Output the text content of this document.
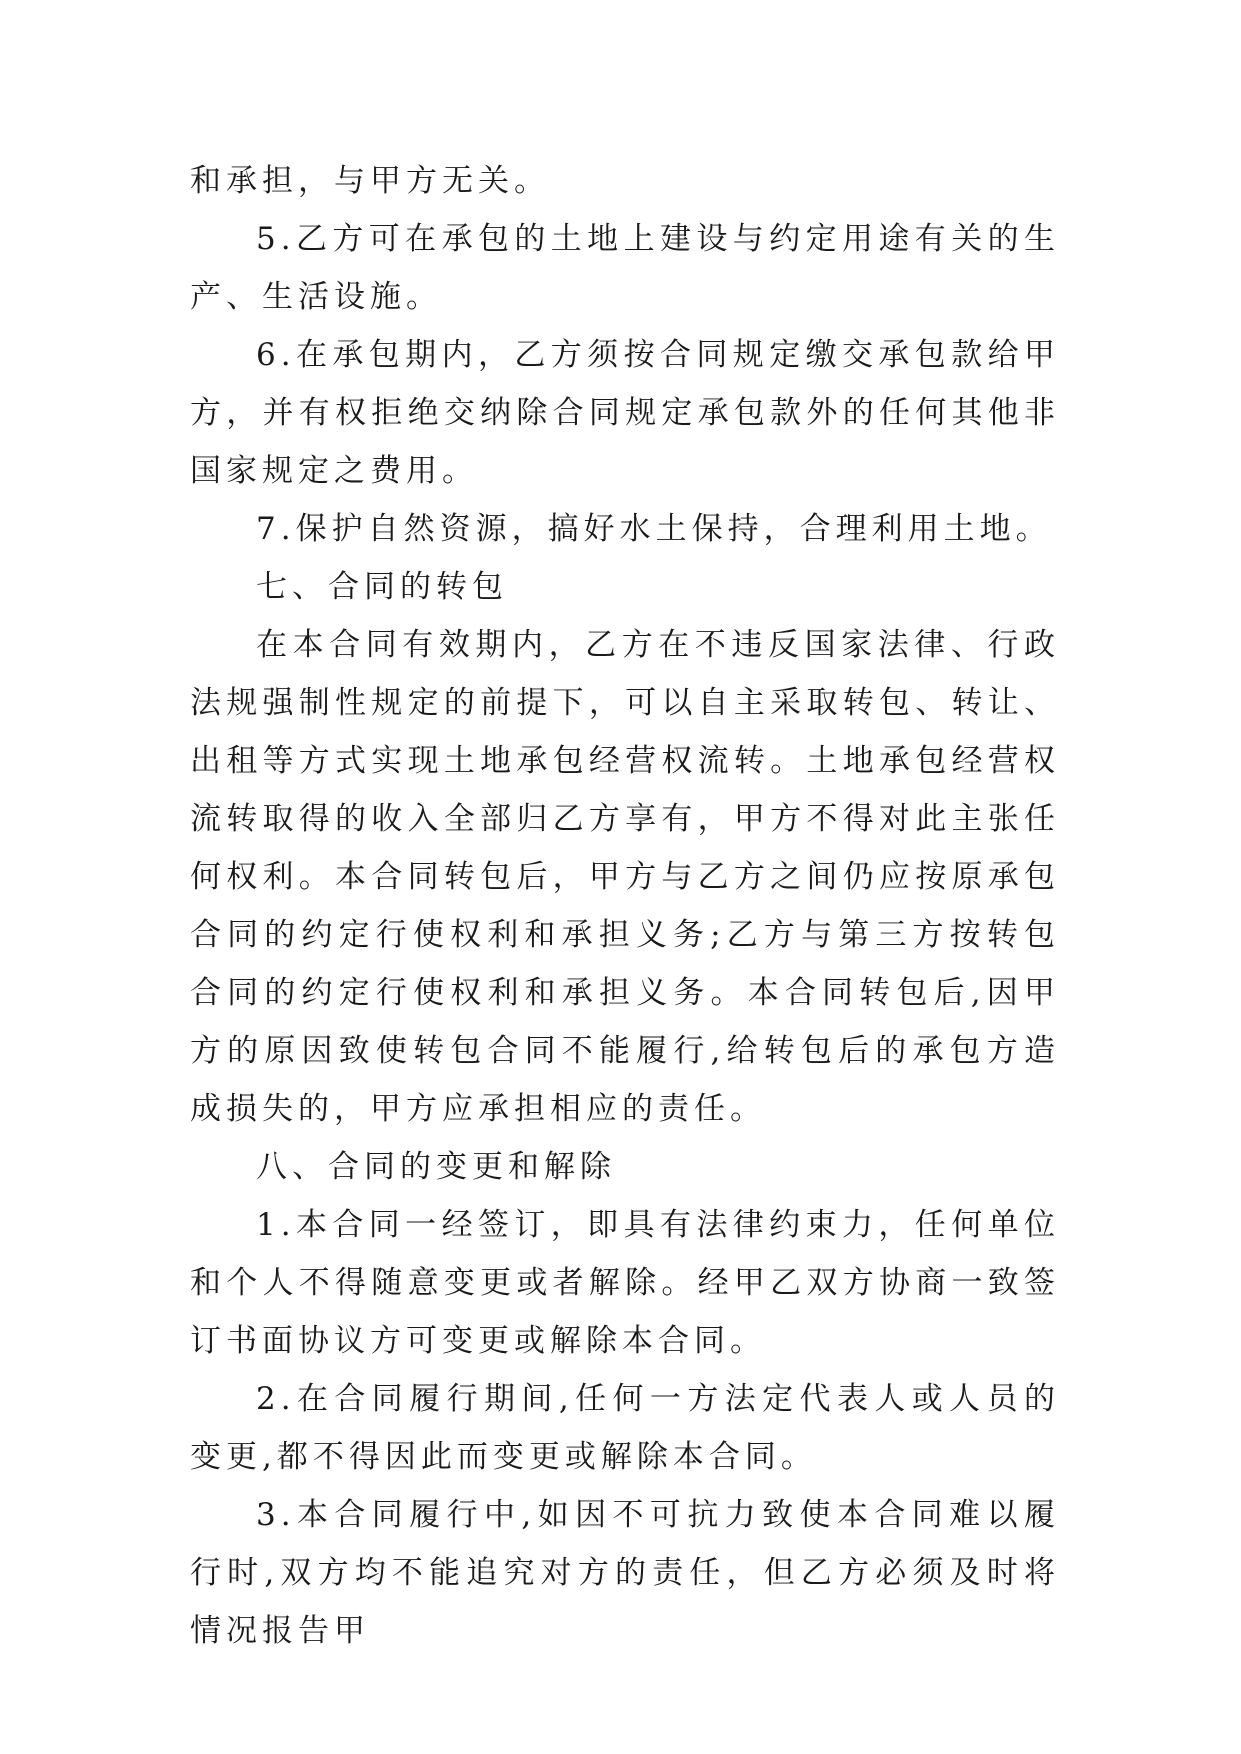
和承担，与甲方无关。

5.乙方可在承包的土地上建设与约定用途有关的生产、生活设施。

6.在承包期内，乙方须按合同规定缴交承包款给甲方，并有权拒绝交纳除合同规定承包款外的任何其他非国家规定之费用。

7.保护自然资源，搞好水土保持，合理利用土地。

七、合同的转包

在本合同有效期内，乙方在不违反国家法律、行政法规强制性规定的前提下，可以自主采取转包、转让、出租等方式实现土地承包经营权流转。土地承包经营权流转取得的收入全部归乙方享有，甲方不得对此主张任何权利。本合同转包后，甲方与乙方之间仍应按原承包合同的约定行使权利和承担义务;乙方与第三方按转包合同的约定行使权利和承担义务。本合同转包后,因甲方的原因致使转包合同不能履行,给转包后的承包方造成损失的，甲方应承担相应的责任。

八、合同的变更和解除

1.本合同一经签订，即具有法律约束力，任何单位和个人不得随意变更或者解除。经甲乙双方协商一致签订书面协议方可变更或解除本合同。

2.在合同履行期间,任何一方法定代表人或人员的变更,都不得因此而变更或解除本合同。

3.本合同履行中,如因不可抗力致使本合同难以履行时,双方均不能追究对方的责任，但乙方必须及时将情况报告甲
